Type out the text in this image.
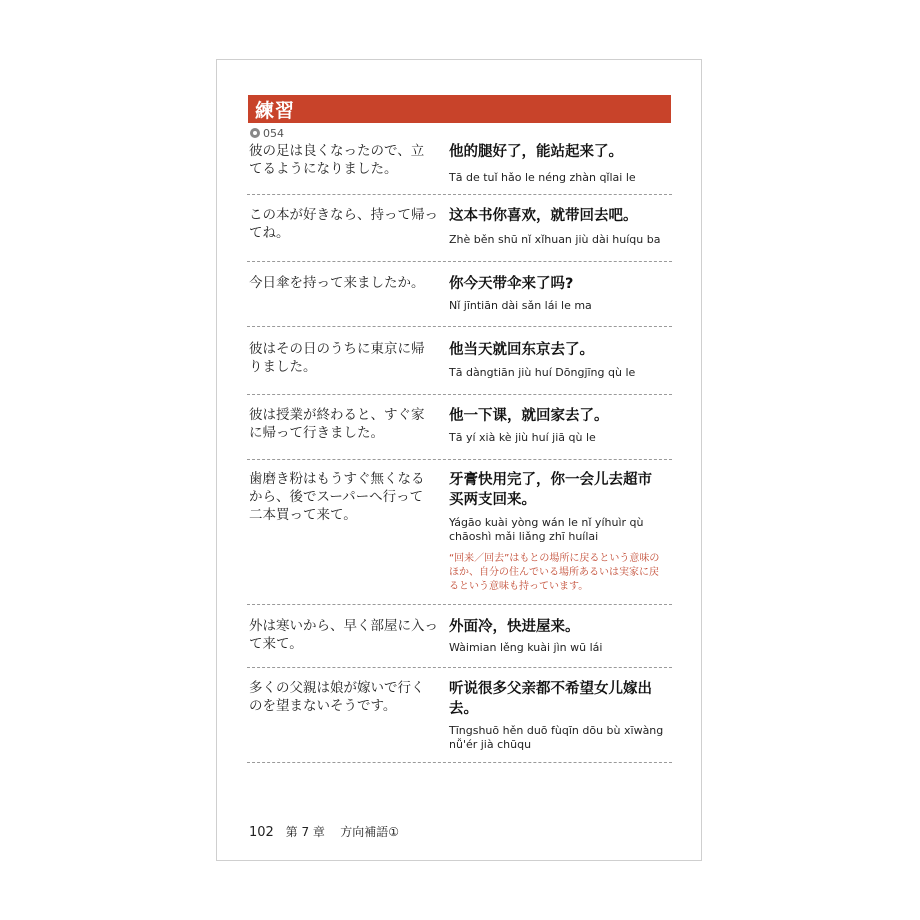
練習
054
彼の足は良くなったので、立
てるようになりました。
他的腿好了，能站起来了。
Tā de tuǐ hǎo le néng zhàn qǐlai le
この本が好きなら、持って帰っ
てね。
这本书你喜欢，就带回去吧。
Zhè běn shū nǐ xǐhuan jiù dài huíqu ba
今日傘を持って来ましたか。	你今天带伞来了吗?
Nǐ jīntiān dài sǎn lái le ma
彼はその日のうちに東京に帰
りました。
他当天就回东京去了。
Tā dàngtiān jiù huí Dōngjīng qù le
彼は授業が終わると、すぐ家
に帰って行きました。
他一下课，就回家去了。
Tā yí xià kè jiù huí jiā qù le
歯磨き粉はもうすぐ無くなる
から、後でスーパーへ行って
二本買って来て。
牙膏快用完了，你一会儿去超市
买两支回来。
Yágāo kuài yòng wán le nǐ yíhuìr qù
chāoshì mǎi liǎng zhī huílai
“回来／回去”はもとの場所に戻るという意味の
ほか、自分の住んでいる場所あるいは実家に戻
るという意味も持っています。
外は寒いから、早く部屋に入っ
て来て。
外面冷，快进屋来。
Wàimian lěng kuài jìn wū lái
多くの父親は娘が嫁いで行く
のを望まないそうです。
听说很多父亲都不希望女儿嫁出
去。
Tīngshuō hěn duō fùqīn dōu bù xīwàng
nǚ'ér jià chūqu
102 第 7 章 方向補語①
